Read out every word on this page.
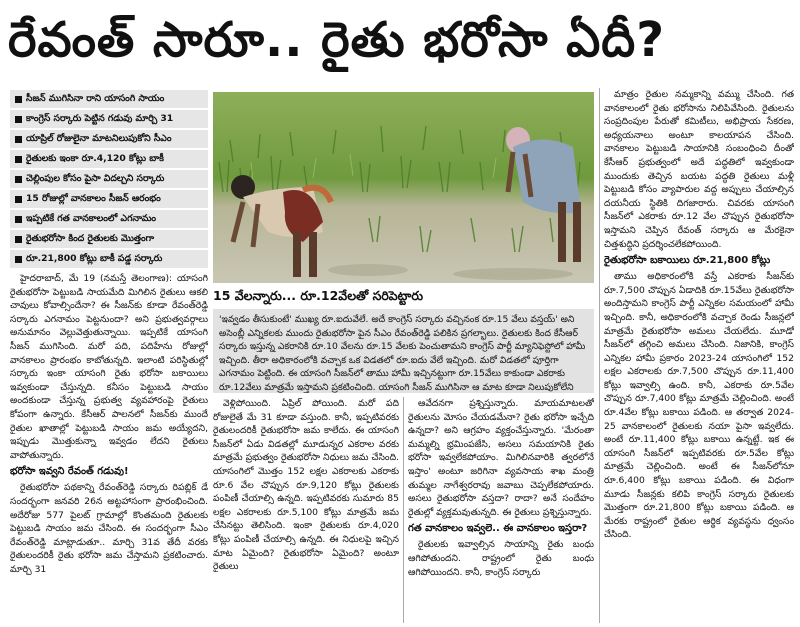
రేవంత్ సారూ.. రైతు భరోసా ఏదీ?
సీజన్ ముగిసినా రాని యాసంగి సాయం
కాంగ్రెస్ సర్కారు పెట్టిన గడువు మార్చి 31
యాప్రిల్ రోజులైనా మాటనిలుపుకోని సీఎం
రైతులకు ఇంకా రూ.4,120 కోట్లు బాకీ
చెల్లింపుల కోసం పైసా విదల్చని సర్కారు
15 రోజుల్లో వానకాలం సీజన్ ఆరంభం
ఇప్పటికే గత వానకాలంలో ఎగనామం
రైతుభరోసా కింద రైతులకు మొత్తంగా
రూ.21,800 కోట్లు బాకీ పడ్డ సర్కారు
15 వేలన్నారు... రూ.12వేలతో సరిపెట్టారు

'ఇవ్వడం తీసుకుంటే' ముఖ్య రూ.ఐదువేలే. అదే కాంగ్రెస్ సర్కారు వచ్చినంక రూ.15 వేలు వస్తయ్' అని అసెంబ్లీ ఎన్నికలకు ముందు రైతుభరోసా పైన సీఎం రేవంత్‌రెడ్డి పలికిన ప్రగల్భాలు. రైతులకు కింద కేసీఆర్ సర్కారు ఇస్తున్న ఎకరానికి రూ.10 వేలను రూ.15 వేలకు పెంచుతామని కాంగ్రెస్ పార్టీ మ్యానిఫెస్టోలో హామీ ఇచ్చింది. తీరా అధికారంలోకి వచ్చాక ఒక విడతలో రూ.ఐదు వేలే ఇచ్చింది. మరో విడతలో పూర్తిగా ఎగనామం పెట్టింది. ఈ యాసంగి సీజన్‌లో తాము హామీ ఇచ్చినట్టుగా రూ.15వేలు కాకుండా ఎకరాకు రూ.12వేలు మాత్రమే ఇస్తామని ప్రకటించింది. యాసంగి సీజన్ ముగిసినా ఆ మాట కూడా నిలుపుకోలేని

హైదరాబాద్, మే 19 (నమస్తే తెలంగాణ): యాసంగి రైతుభరోసా పెట్టుబడి సాయమేది మిగిలిన రైతులు ఆకలి చావులు కోవాల్సిందేనా? ఈ సీజన్‌కు కూడా రేవంత్‌రెడ్డి సర్కారు ఎగనామం పెట్టనుందా? అని ప్రభుత్వవర్గాలు అనుమానం వెల్లువెత్తుతున్నాయి. ఇప్పటికే యాసంగి సీజన్ ముగిసింది. మరో పది, పదిహేను రోజుల్లో వానకాలం ప్రారంభం కాబోతున్నది. ఇలాంటి పరిస్థితుల్లో సర్కారు ఇంకా యాసంగి రైతు భరోసా బకాయిలు ఇవ్వకుండా చేస్తున్నది. కనీసం పెట్టుబడి సాయం అందకుండా చేస్తున్న ప్రభుత్వ వ్యవహారంపై రైతులు కోపంగా ఉన్నారు. కేసీఆర్ పాలనలో సీజన్‌కు ముందే రైతుల ఖాతాల్లో పెట్టుబడి సాయం జమ అయ్యేదని, ఇప్పుడు మొత్తుకున్నా ఇవ్వడం లేదని రైతులు వాపోతున్నారు.

భరోసా ఇవ్వని రేవంత్ గడువు!

రైతుభరోసా పథకాన్ని రేవంత్‌రెడ్డి సర్కారు రిపబ్లిక్ డే సందర్భంగా జనవరి 26న అట్టహాసంగా ప్రారంభించింది. అదేరోజు 577 పైలట్ గ్రామాల్లో కొంతమంది రైతులకు పెట్టుబడి సాయం జమ చేసింది. ఈ సందర్భంగా సీఎం రేవంత్‌రెడ్డి మాట్లాడుతూ.. మార్చి 31వ తేదీ వరకు రైతులందరికీ రైతు భరోసా జమ చేస్తామని ప్రకటించారు. మార్చి 31

వెళ్లిపోయింది. ఏప్రిల్ పోయింది. మరో పది రోజులైతే మే 31 కూడా వస్తుంది. కానీ, ఇప్పటివరకు రైతులందరికీ రైతుభరోసా జమ కాలేదు. ఈ యాసంగి సీజన్‌లో ఏడు విడతల్లో మూడున్నర ఎకరాల వరకు మాత్రమే ప్రభుత్వం రైతుభరోసా నిధులు జమ చేసింది. యాసంగిలో మొత్తం 152 లక్షల ఎకరాలకు ఎకరాకు రూ.6 వేల చొప్పున రూ.9,120 కోట్లు రైతులకు పంపిణీ చేయాల్సి ఉన్నది. ఇప్పటివరకు సుమారు 85 లక్షల ఎకరాలకు రూ.5,100 కోట్లు మాత్రమే జమ చేసినట్టు తెలిసింది. ఇంకా రైతులకు రూ.4,020 కోట్లు పంపిణీ చేయాల్సి ఉన్నది. ఈ నిధులపై ఇచ్చిన మాట ఏమైంది? రైతుభరోసా ఏమైంది? అంటూ రైతులు

ఆవేదనగా ప్రశ్నిస్తున్నారు. మాయమాటలతో రైతులను మోసం చేయడమేనా? రైతు భరోసా ఇచ్చేది ఉన్నదా? అని ఆగ్రహం వ్యక్తంచేస్తున్నారు. 'మేరంతా మమ్మల్ని భ్రమింపజేసి, అసలు సమయానికి రైతు భరోసా ఇవ్వలేకపోయాం. మిగిలినవారికి త్వరలోనే ఇస్తాం' అంటూ జరిగినా వ్యవసాయ శాఖ మంత్రి తుమ్మల నాగేశ్వరరావు జవాబు చెప్పలేకపోయారు. అసలు రైతుభరోసా వస్తదా? రాదా? అనే సందేహం రైతుల్లో వ్యక్తమవుతున్నది. ఈ రైతులు ప్రశ్నిస్తున్నారు.

గత వానకాలం ఇవ్వలె.. ఈ వానకాలం ఇస్తరా?

రైతులకు ఇవ్వాల్సిన సాయాన్ని రైతు బంధు ఆగిపోతుందని. రాష్ట్రంలో రైతు బంధు ఆగిపోయిందని. కానీ, కాంగ్రెస్ సర్కారు

మాత్రం రైతుల నమ్మకాన్ని వమ్ము చేసింది. గత వానకాలంలో రైతు భరోసాను నిలిపివేసింది. రైతులను సంప్రదింపుల పేరుతో కమిటీలు, అభిప్రాయ సేకరణ, అధ్యయనాలు అంటూ కాలయాపన చేసింది. వానకాలం పెట్టుబడి సాయానికి సంబంధించి దీంతో కేసీఆర్ ప్రభుత్వంలో అదే పద్ధతిలో ఇవ్వకుండా ముందుకు తెచ్చిన బయట పద్ధతి రైతులు మళ్లీ పెట్టుబడి కోసం వ్యాపారుల వద్ద అప్పులు చేయాల్సిన దయనీయ స్థితికి దిగజారారు. చివరకు యాసంగి సీజన్‌లో ఎకరాకు రూ.12 వేల చొప్పున రైతుభరోసా ఇస్తామని చెప్పిన రేవంత్ సర్కారు ఆ మేరకైనా చిత్తశుద్ధిని ప్రదర్శించలేకపోయింది.

రైతుభరోసా బకాయిలు రూ.21,800 కోట్లు

తాము అధికారంలోకి వస్తే ఎకరాకు సీజన్‌కు రూ.7,500 చొప్పున ఏడాదికి రూ.15వేలు రైతుభరోసా అందిస్తామని కాంగ్రెస్ పార్టీ ఎన్నికల సమయంలో హామీ ఇచ్చింది. కానీ, అధికారంలోకి వచ్చాక రెండు సీజన్లలో మాత్రమే రైతుభరోసా అమలు చేయలేదు. మూడో సీజన్‌లో తగ్గించి అమలు చేసింది. నిజానికి, కాంగ్రెస్ ఎన్నికల హామీ ప్రకారం 2023-24 యాసంగిలో 152 లక్షల ఎకరాలకు రూ.7,500 చొప్పున రూ.11,400 కోట్లు ఇవ్వాల్సి ఉంది. కానీ, ఎకరాకు రూ.5వేల చొప్పున రూ.7,400 కోట్లు మాత్రమే చెల్లించింది. అంటే రూ.4వేల కోట్లు బకాయి పడింది. ఆ తర్వాత 2024-25 వానకాలంలో రైతులకు నయా పైసా ఇవ్వలేదు. అంటే రూ.11,400 కోట్లు బకాయి ఉన్నట్టే. ఇక ఈ యాసంగి సీజన్‌లో ఇప్పటివరకు రూ.5వేల కోట్లు మాత్రమే చెల్లించింది. అంటే ఈ సీజన్‌లోనూ రూ.6,400 కోట్లు బకాయి పడింది. ఈ విధంగా మూడు సీజన్లకు కలిపి కాంగ్రెస్ సర్కారు రైతులకు మొత్తంగా రూ.21,800 కోట్లు బకాయి పడింది. ఆ మేరకు రాష్ట్రంలో రైతుల ఆర్థిక వ్యవస్థను ధ్వంసం చేసింది.
